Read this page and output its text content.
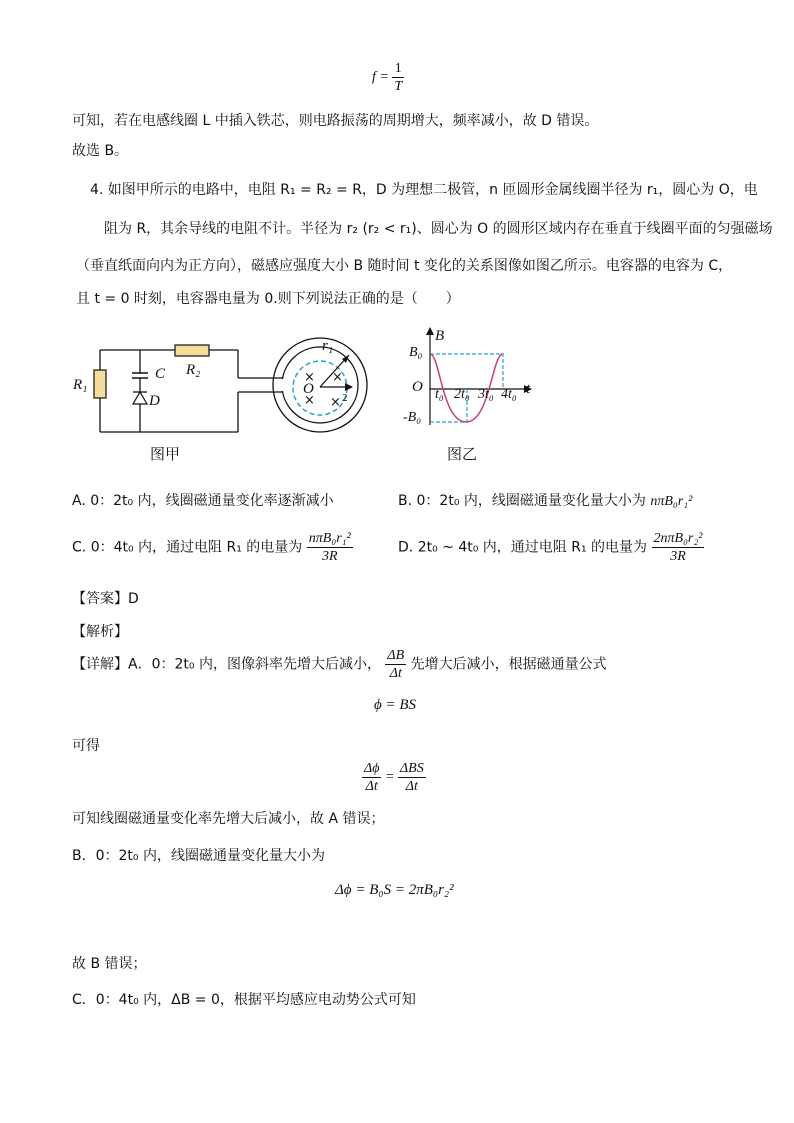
$f = \frac{1}{T}$
可知，若在电感线圈 L 中插入铁芯，则电路振荡的周期增大，频率减小，故 D 错误。
故选 B。
4. 如图甲所示的电路中，电阻 R₁ = R₂ = R，D 为理想二极管，n 匝圆形金属线圈半径为 r₁，圆心为 O，电
阻为 R，其余导线的电阻不计。半径为 r₂ (r₂ < r₁)、圆心为 O 的圆形区域内存在垂直于线圈平面的匀强磁场
（垂直纸面向内为正方向），磁感应强度大小 B 随时间 t 变化的关系图像如图乙所示。电容器的电容为 C，
且 t = 0 时刻，电容器电量为 0.则下列说法正确的是（　　）
× ×
× ×
R₁
R₂
C
D
r₁
2
O
图甲
B
t
O
B₀
-B₀
t₀ 2t₀ 3t₀ 4t₀
图乙
A. 0：2t₀ 内，线圈磁通量变化率逐渐减小	B. 0：2t₀ 内，线圈磁通量变化量大小为 nπB₀r₁²
C. 0：4t₀ 内，通过电阻 R₁ 的电量为 $\frac{\text{nπB₀r₁²}}{3R}$	D. 2t₀ ~ 4t₀ 内，通过电阻 R₁ 的电量为 $\frac{\text{2nπB₀r₂²}}{3R}$
【答案】D
【解析】
【详解】A．0：2t₀ 内，图像斜率先增大后减小， $\frac{\Delta B}{\Delta t}$ 先增大后减小，根据磁通量公式
ϕ = BS
可得
$\frac{\Delta\phi}{\Delta t} = \frac{\text{ΔBS}}{\Delta t}$
可知线圈磁通量变化率先增大后减小，故 A 错误；
B．0：2t₀ 内，线圈磁通量变化量大小为
Δϕ = B₀S = 2πB₀r₂²
故 B 错误；
C．0：4t₀ 内，ΔB = 0，根据平均感应电动势公式可知
